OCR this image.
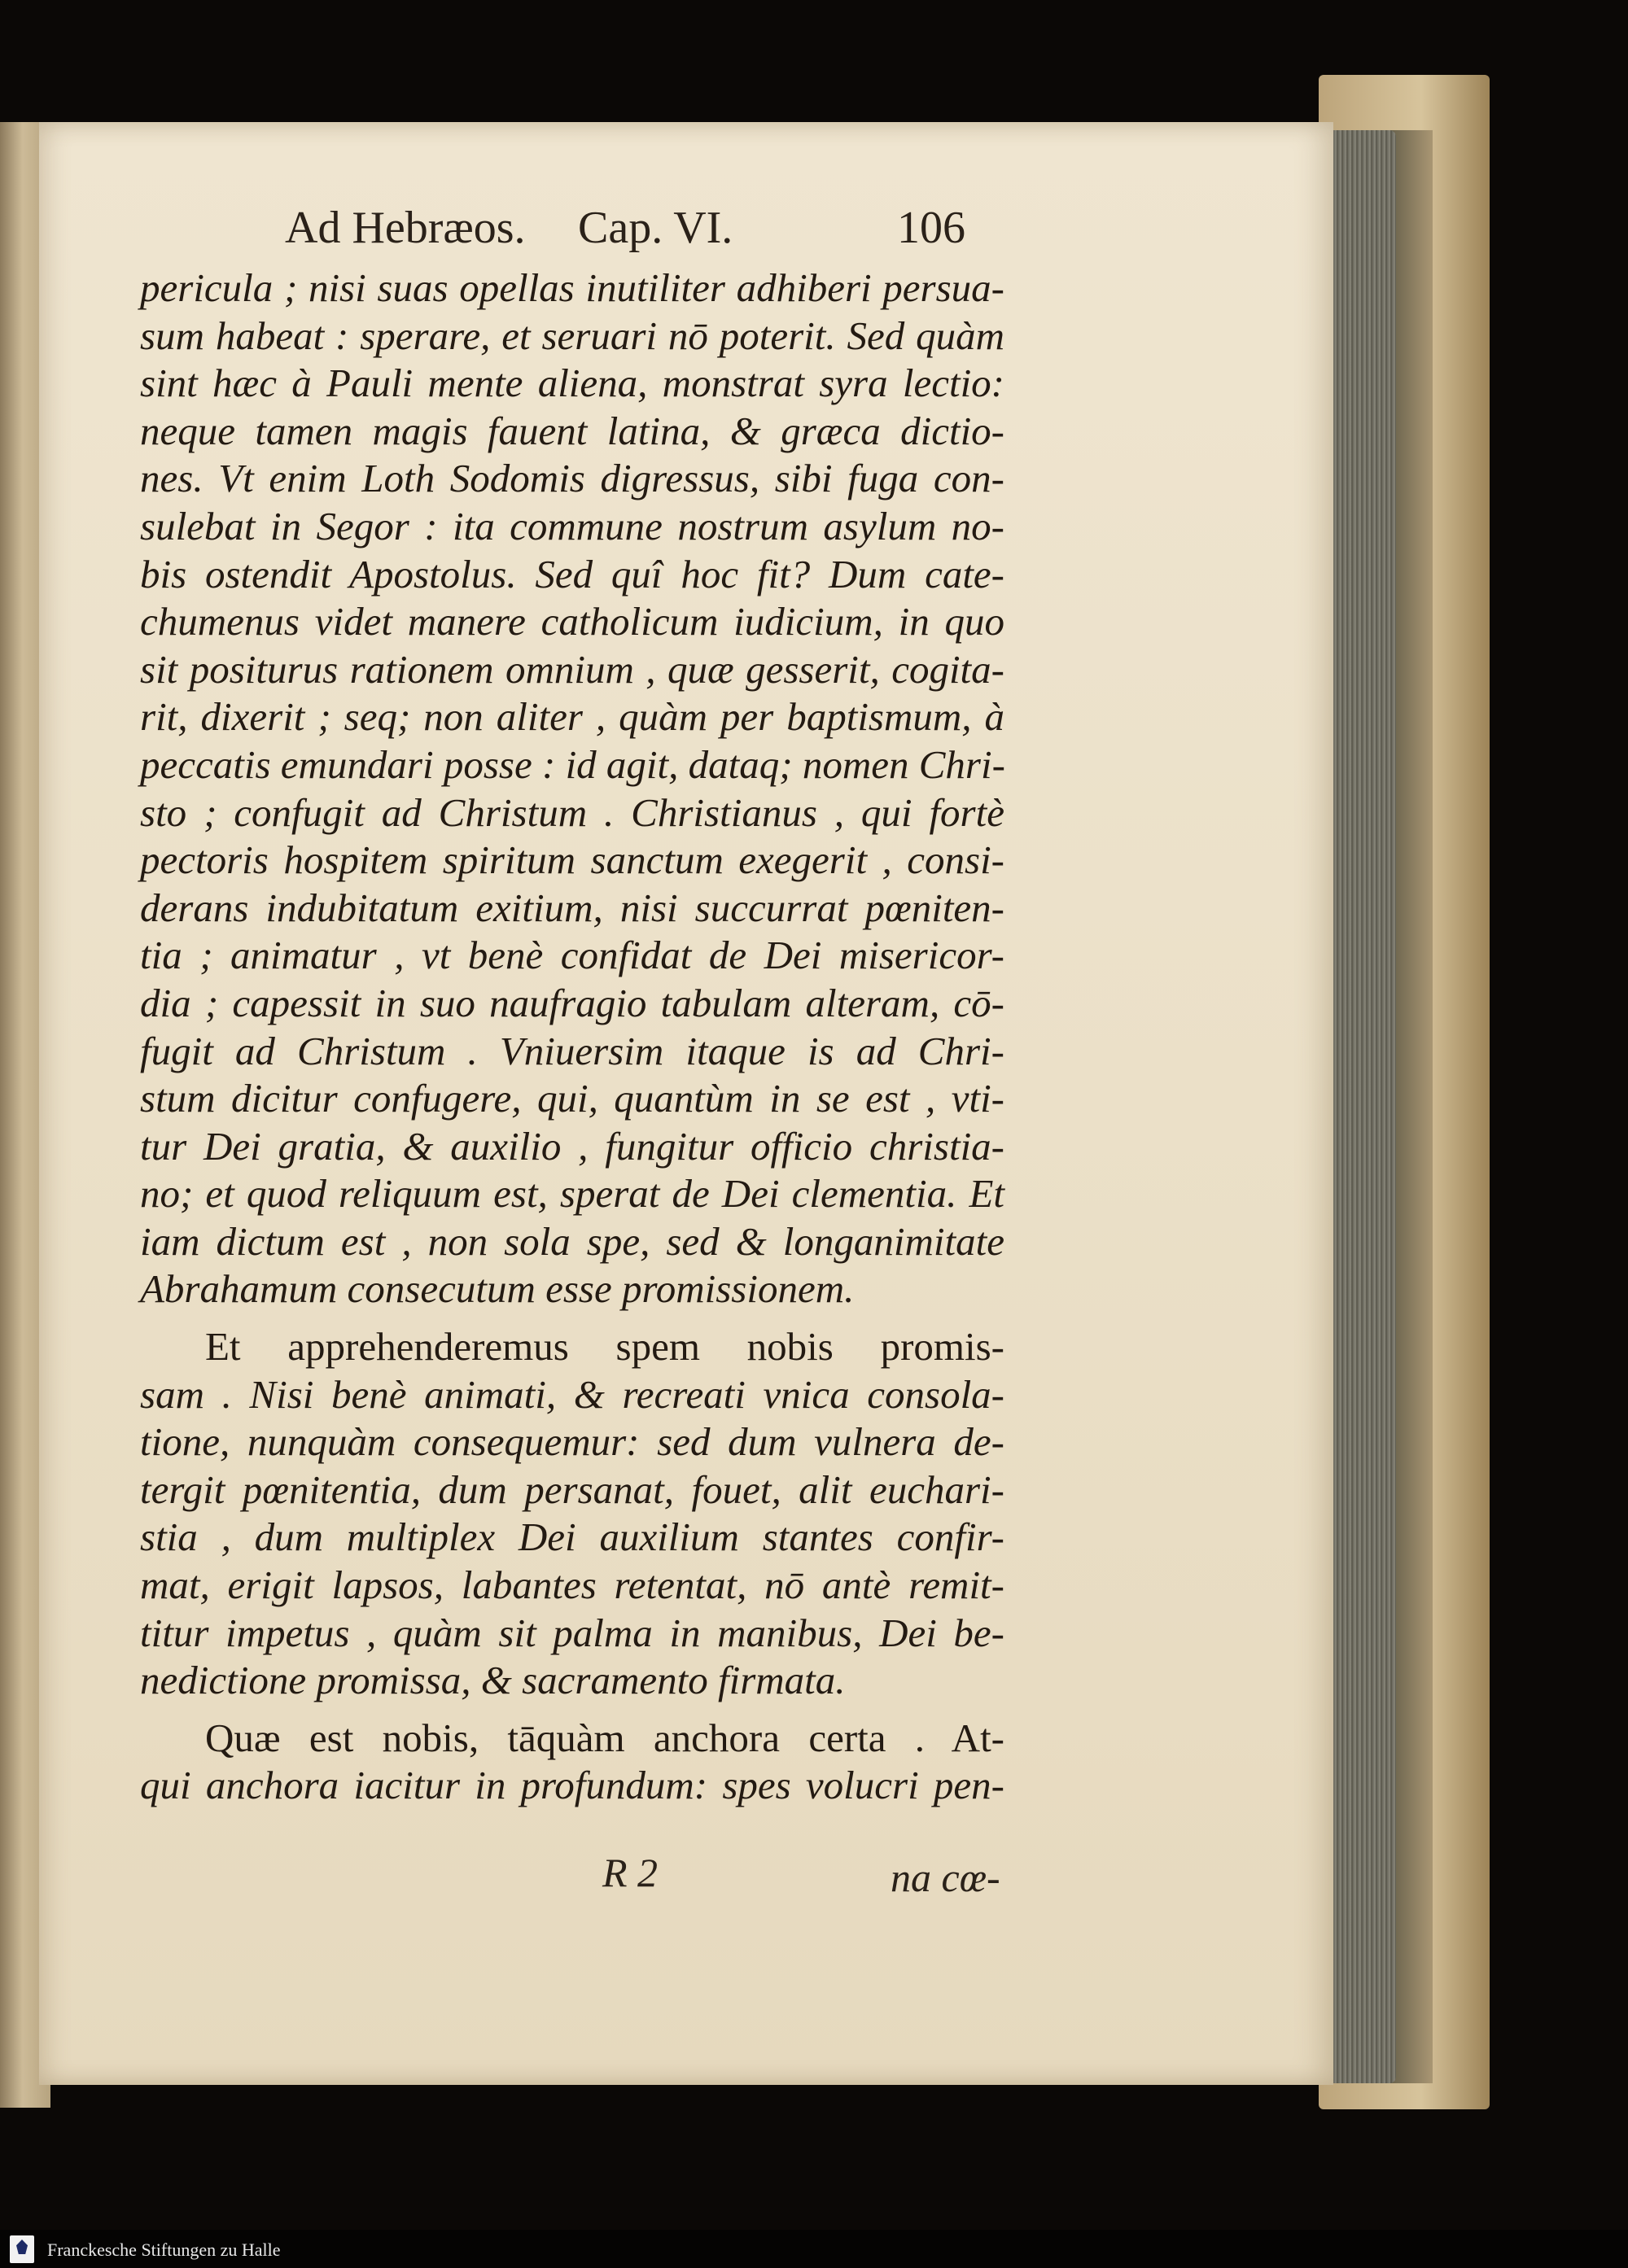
Ad Hebræos. Cap. VI.	106
pericula ; nisi suas opellas inutiliter adhiberi persua-
sum habeat : sperare, et seruari nō poterit. Sed quàm
sint hæc à Pauli mente aliena, monstrat syra lectio:
neque tamen magis fauent latina, & græca dictio-
nes. Vt enim Loth Sodomis digressus, sibi fuga con-
sulebat in Segor : ita commune nostrum asylum no-
bis ostendit Apostolus. Sed quî hoc fit? Dum cate-
chumenus videt manere catholicum iudicium, in quo
sit positurus rationem omnium , quæ gesserit, cogita-
rit, dixerit ; seq; non aliter , quàm per baptismum, à
peccatis emundari posse : id agit, dataq; nomen Chri-
sto ; confugit ad Christum . Christianus , qui fortè
pectoris hospitem spiritum sanctum exegerit , consi-
derans indubitatum exitium, nisi succurrat pœniten-
tia ; animatur , vt benè confidat de Dei misericor-
dia ; capessit in suo naufragio tabulam alteram, cō-
fugit ad Christum . Vniuersim itaque is ad Chri-
stum dicitur confugere, qui, quantùm in se est , vti-
tur Dei gratia, & auxilio , fungitur officio christia-
no; et quod reliquum est, sperat de Dei clementia. Et
iam dictum est , non sola spe, sed & longanimitate
Abrahamum consecutum esse promissionem.
Et apprehenderemus spem nobis promis-
sam . Nisi benè animati, & recreati vnica consola-
tione, nunquàm consequemur: sed dum vulnera de-
tergit pœnitentia, dum persanat, fouet, alit euchari-
stia , dum multiplex Dei auxilium stantes confir-
mat, erigit lapsos, labantes retentat, nō antè remit-
titur impetus , quàm sit palma in manibus, Dei be-
nedictione promissa, & sacramento firmata.
Quæ est nobis, tāquàm anchora certa . At-
qui anchora iacitur in profundum: spes volucri pen-
R 2	na cœ-
Franckesche Stiftungen zu Halle
